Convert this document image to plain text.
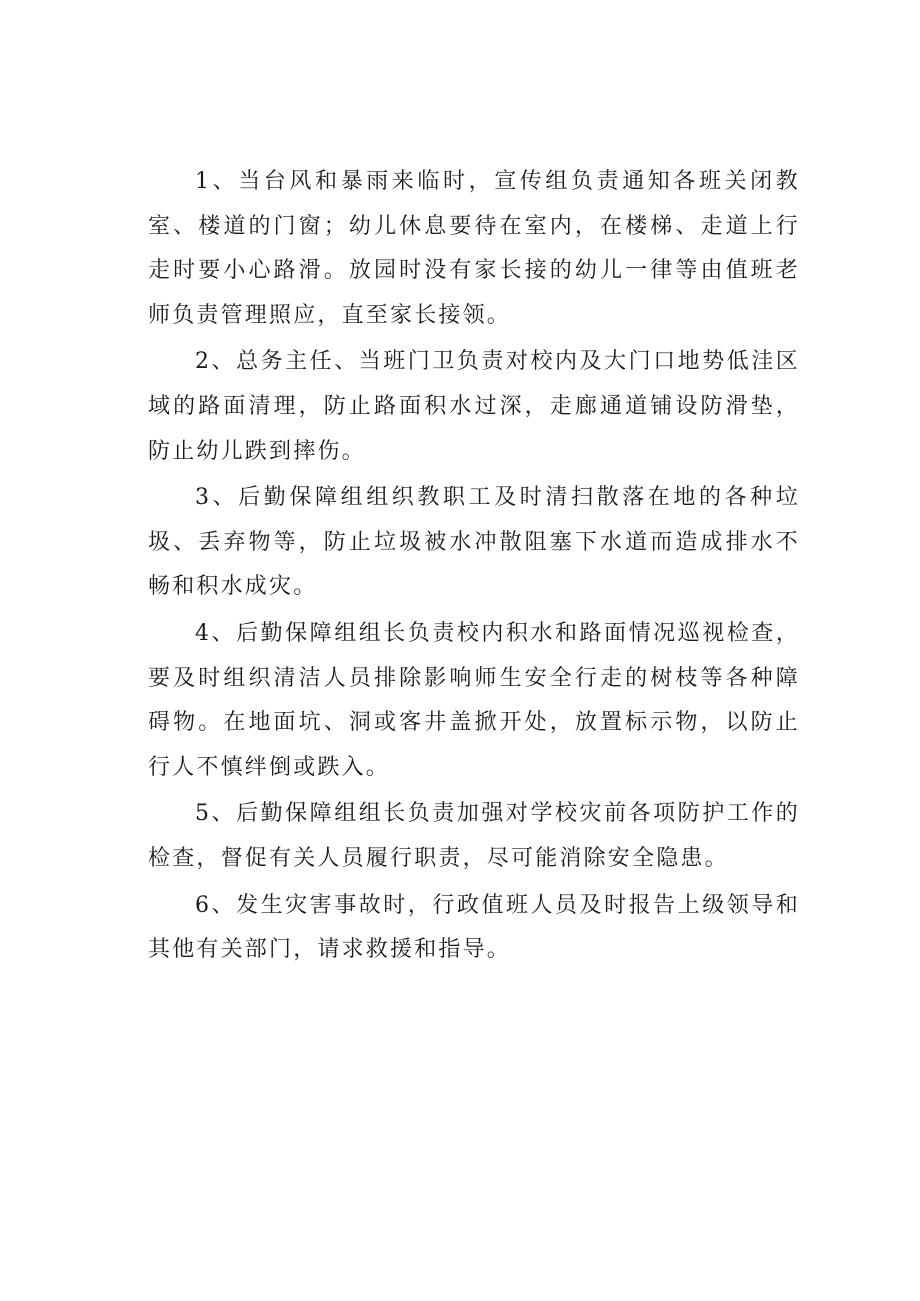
1、当台风和暴雨来临时，宣传组负责通知各班关闭教室、楼道的门窗；幼儿休息要待在室内，在楼梯、走道上行走时要小心路滑。放园时没有家长接的幼儿一律等由值班老师负责管理照应，直至家长接领。

2、总务主任、当班门卫负责对校内及大门口地势低洼区域的路面清理，防止路面积水过深，走廊通道铺设防滑垫，防止幼儿跌到摔伤。

3、后勤保障组组织教职工及时清扫散落在地的各种垃圾、丢弃物等，防止垃圾被水冲散阻塞下水道而造成排水不畅和积水成灾。

4、后勤保障组组长负责校内积水和路面情况巡视检查，要及时组织清洁人员排除影响师生安全行走的树枝等各种障碍物。在地面坑、洞或客井盖掀开处，放置标示物，以防止行人不慎绊倒或跌入。

5、后勤保障组组长负责加强对学校灾前各项防护工作的检查，督促有关人员履行职责，尽可能消除安全隐患。

6、发生灾害事故时，行政值班人员及时报告上级领导和其他有关部门，请求救援和指导。
